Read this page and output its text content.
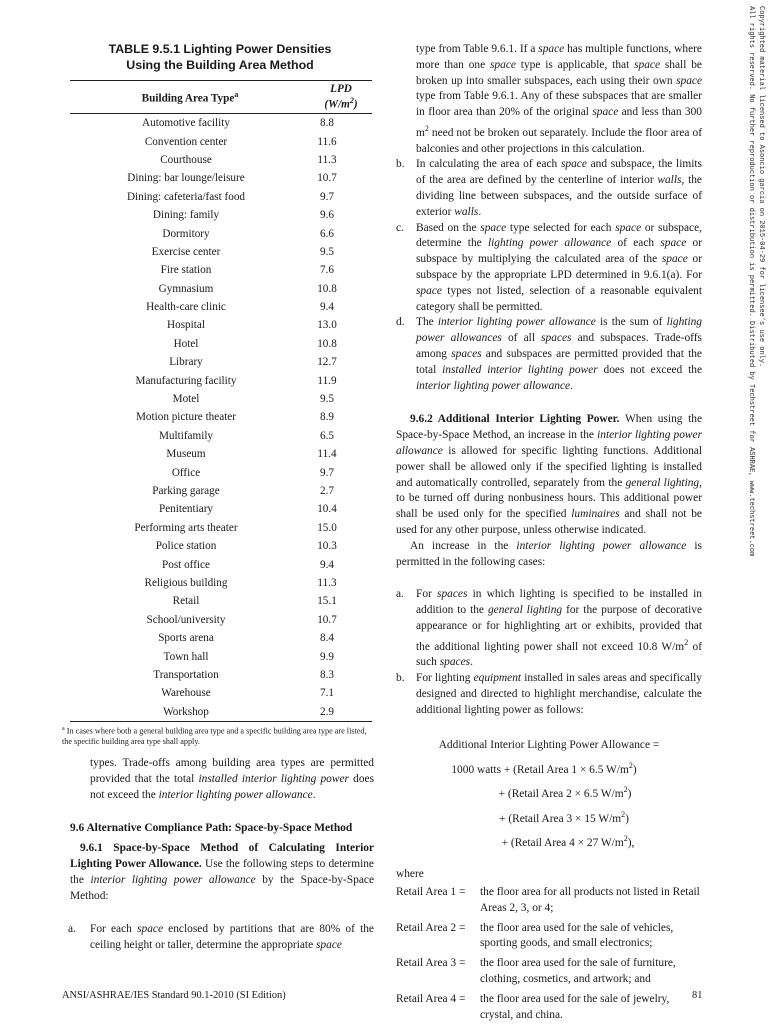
TABLE 9.5.1 Lighting Power Densities
Using the Building Area Method
Building Area Type$^a$	LPD
$(W/m^2)$
Automotive facility	8.8
Convention center	11.6
Courthouse	11.3
Dining: bar lounge/leisure	10.7
Dining: cafeteria/fast food	9.7
Dining: family	9.6
Dormitory	6.6
Exercise center	9.5
Fire station	7.6
Gymnasium	10.8
Health-care clinic	9.4
Hospital	13.0
Hotel	10.8
Library	12.7
Manufacturing facility	11.9
Motel	9.5
Motion picture theater	8.9
Multifamily	6.5
Museum	11.4
Office	9.7
Parking garage	2.7
Penitentiary	10.4
Performing arts theater	15.0
Police station	10.3
Post office	9.4
Religious building	11.3
Retail	15.1
School/university	10.7
Sports arena	8.4
Town hall	9.9
Transportation	8.3
Warehouse	7.1
Workshop	2.9
$^a$ In cases where both a general building area type and a specific building area type are listed, the specific building area type shall apply.

types. Trade-offs among building area types are permitted provided that the total installed interior lighting power does not exceed the interior lighting power allowance.

9.6 Alternative Compliance Path: Space-by-Space Method

9.6.1 Space-by-Space Method of Calculating Interior Lighting Power Allowance. Use the following steps to determine the interior lighting power allowance by the Space-by-Space Method:

a. For each space enclosed by partitions that are 80% of the ceiling height or taller, determine the appropriate space

type from Table 9.6.1. If a space has multiple functions, where more than one space type is applicable, that space shall be broken up into smaller subspaces, each using their own space type from Table 9.6.1. Any of these subspaces that are smaller in floor area than 20% of the original space and less than 300 $m^2$ need not be broken out separately. Include the floor area of balconies and other projections in this calculation.

b. In calculating the area of each space and subspace, the limits of the area are defined by the centerline of interior walls, the dividing line between subspaces, and the outside surface of exterior walls.

c. Based on the space type selected for each space or subspace, determine the lighting power allowance of each space or subspace by multiplying the calculated area of the space or subspace by the appropriate LPD determined in 9.6.1(a). For space types not listed, selection of a reasonable equivalent category shall be permitted.

d. The interior lighting power allowance is the sum of lighting power allowances of all spaces and subspaces. Trade-offs among spaces and subspaces are permitted provided that the total installed interior lighting power does not exceed the interior lighting power allowance.

9.6.2 Additional Interior Lighting Power. When using the Space-by-Space Method, an increase in the interior lighting power allowance is allowed for specific lighting functions. Additional power shall be allowed only if the specified lighting is installed and automatically controlled, separately from the general lighting, to be turned off during nonbusiness hours. This additional power shall be used only for the specified luminaires and shall not be used for any other purpose, unless otherwise indicated.

An increase in the interior lighting power allowance is permitted in the following cases:

a. For spaces in which lighting is specified to be installed in addition to the general lighting for the purpose of decorative appearance or for highlighting art or exhibits, provided that the additional lighting power shall not exceed 10.8 $W/m^2$ of such spaces.

b. For lighting equipment installed in sales areas and specifically designed and directed to highlight merchandise, calculate the additional lighting power as follows:

Additional Interior Lighting Power Allowance =
1000 watts + (Retail Area 1 × 6.5 $W/m^2$)
+ (Retail Area 2 × 6.5 $W/m^2$)
+ (Retail Area 3 × 15 $W/m^2$)
+ (Retail Area 4 × 27 $W/m^2$),

where

Retail Area 1 =	the floor area for all products not listed in Retail Areas 2, 3, or 4;
Retail Area 2 =	the floor area used for the sale of vehicles, sporting goods, and small electronics;
Retail Area 3 =	the floor area used for the sale of furniture, clothing, cosmetics, and artwork; and
Retail Area 4 =	the floor area used for the sale of jewelry, crystal, and china.
Copyrighted material licensed to Asoncio garcia on 2015-04-29 for licensee's use only.
All rights reserved. No further reproduction or distribution is permitted. Distributed by Techstreet for ASHRAE, www.techstreet.com
ANSI/ASHRAE/IES Standard 90.1-2010 (SI Edition)	81
